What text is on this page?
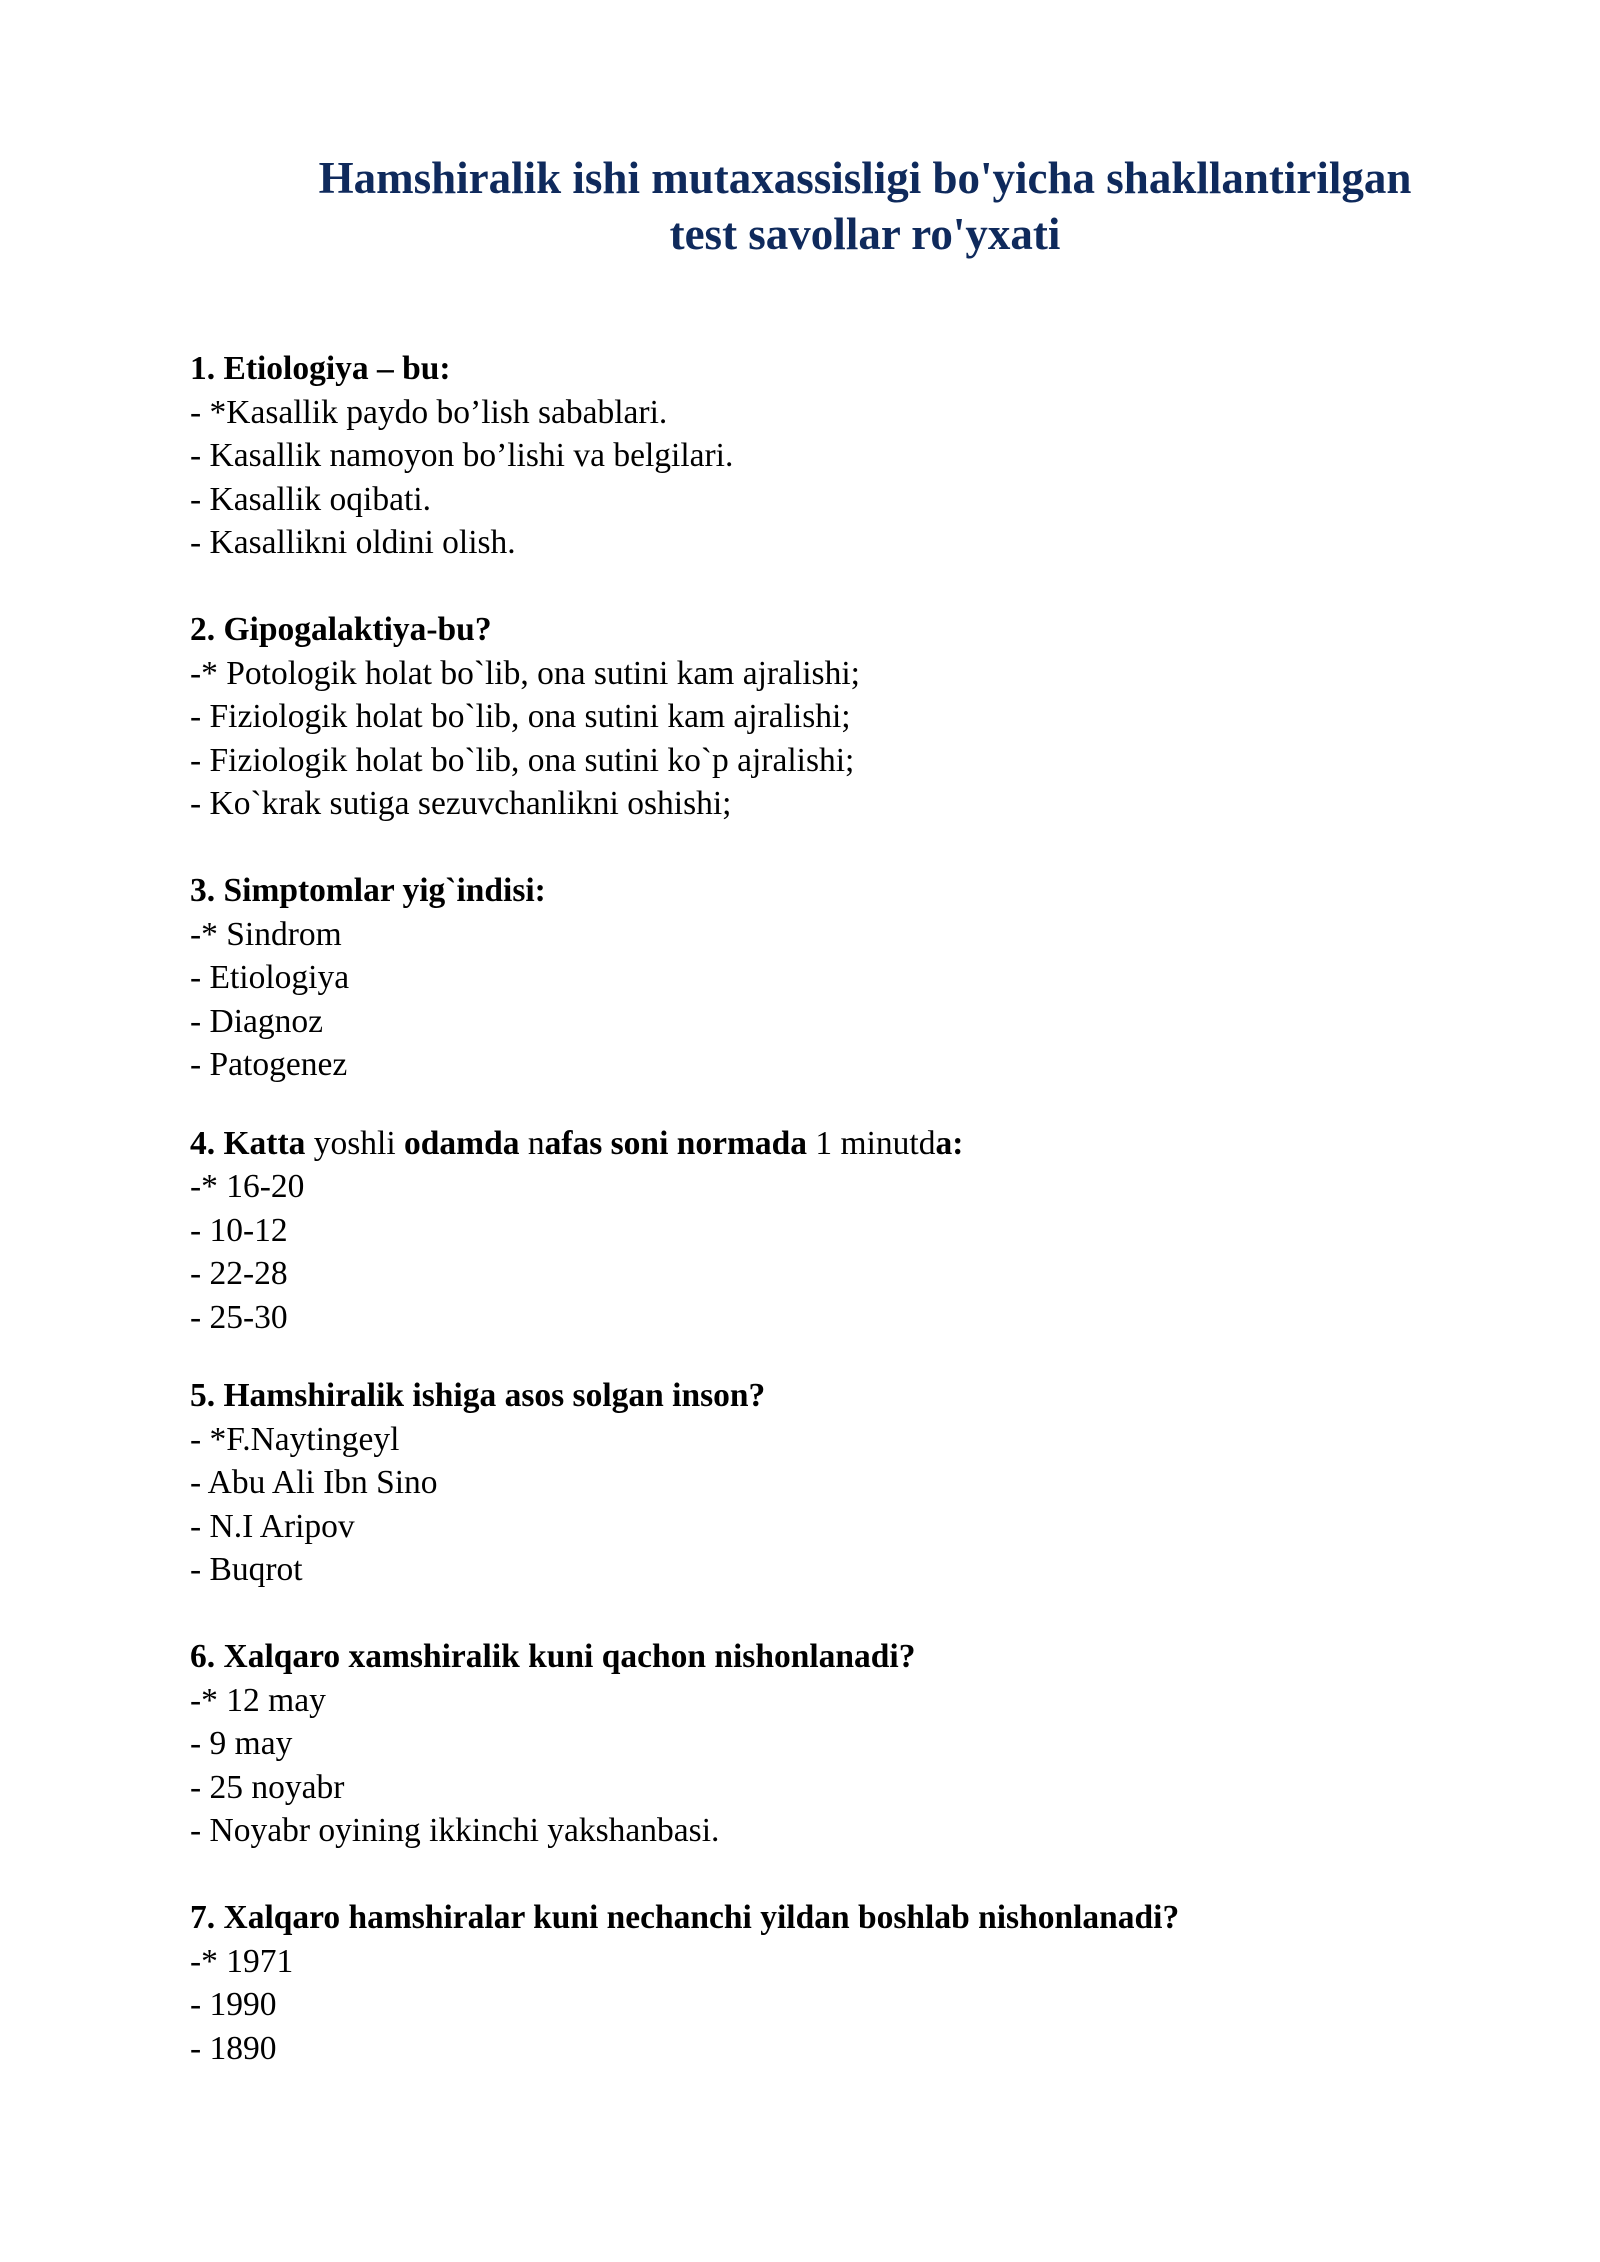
Hamshiralik ishi mutaxassisligi bo'yicha shakllantirilgan
test savollar ro'yxati

1. Etiologiya – bu:

- *Kasallik paydo bo’lish sabablari.

- Kasallik namoyon bo’lishi va belgilari.

- Kasallik oqibati.

- Kasallikni oldini olish.

2. Gipogalaktiya-bu?

-* Potologik holat bo`lib, ona sutini kam ajralishi;

- Fiziologik holat bo`lib, ona sutini kam ajralishi;

- Fiziologik holat bo`lib, ona sutini ko`p ajralishi;

- Ko`krak sutiga sezuvchanlikni oshishi;

3. Simptomlar yig`indisi:

-* Sindrom

- Etiologiya

- Diagnoz

- Patogenez

4. Katta yoshli odamda nafas soni normada 1 minutda:

-* 16-20

- 10-12

- 22-28

- 25-30

5. Hamshiralik ishiga asos solgan inson?

- *F.Naytingeyl

- Abu Ali Ibn Sino

- N.I Aripov

- Buqrot

6. Xalqaro xamshiralik kuni qachon nishonlanadi?

-* 12 may

- 9 may

- 25 noyabr

- Noyabr oyining ikkinchi yakshanbasi.

7. Xalqaro hamshiralar kuni nechanchi yildan boshlab nishonlanadi?

-* 1971

- 1990

- 1890
